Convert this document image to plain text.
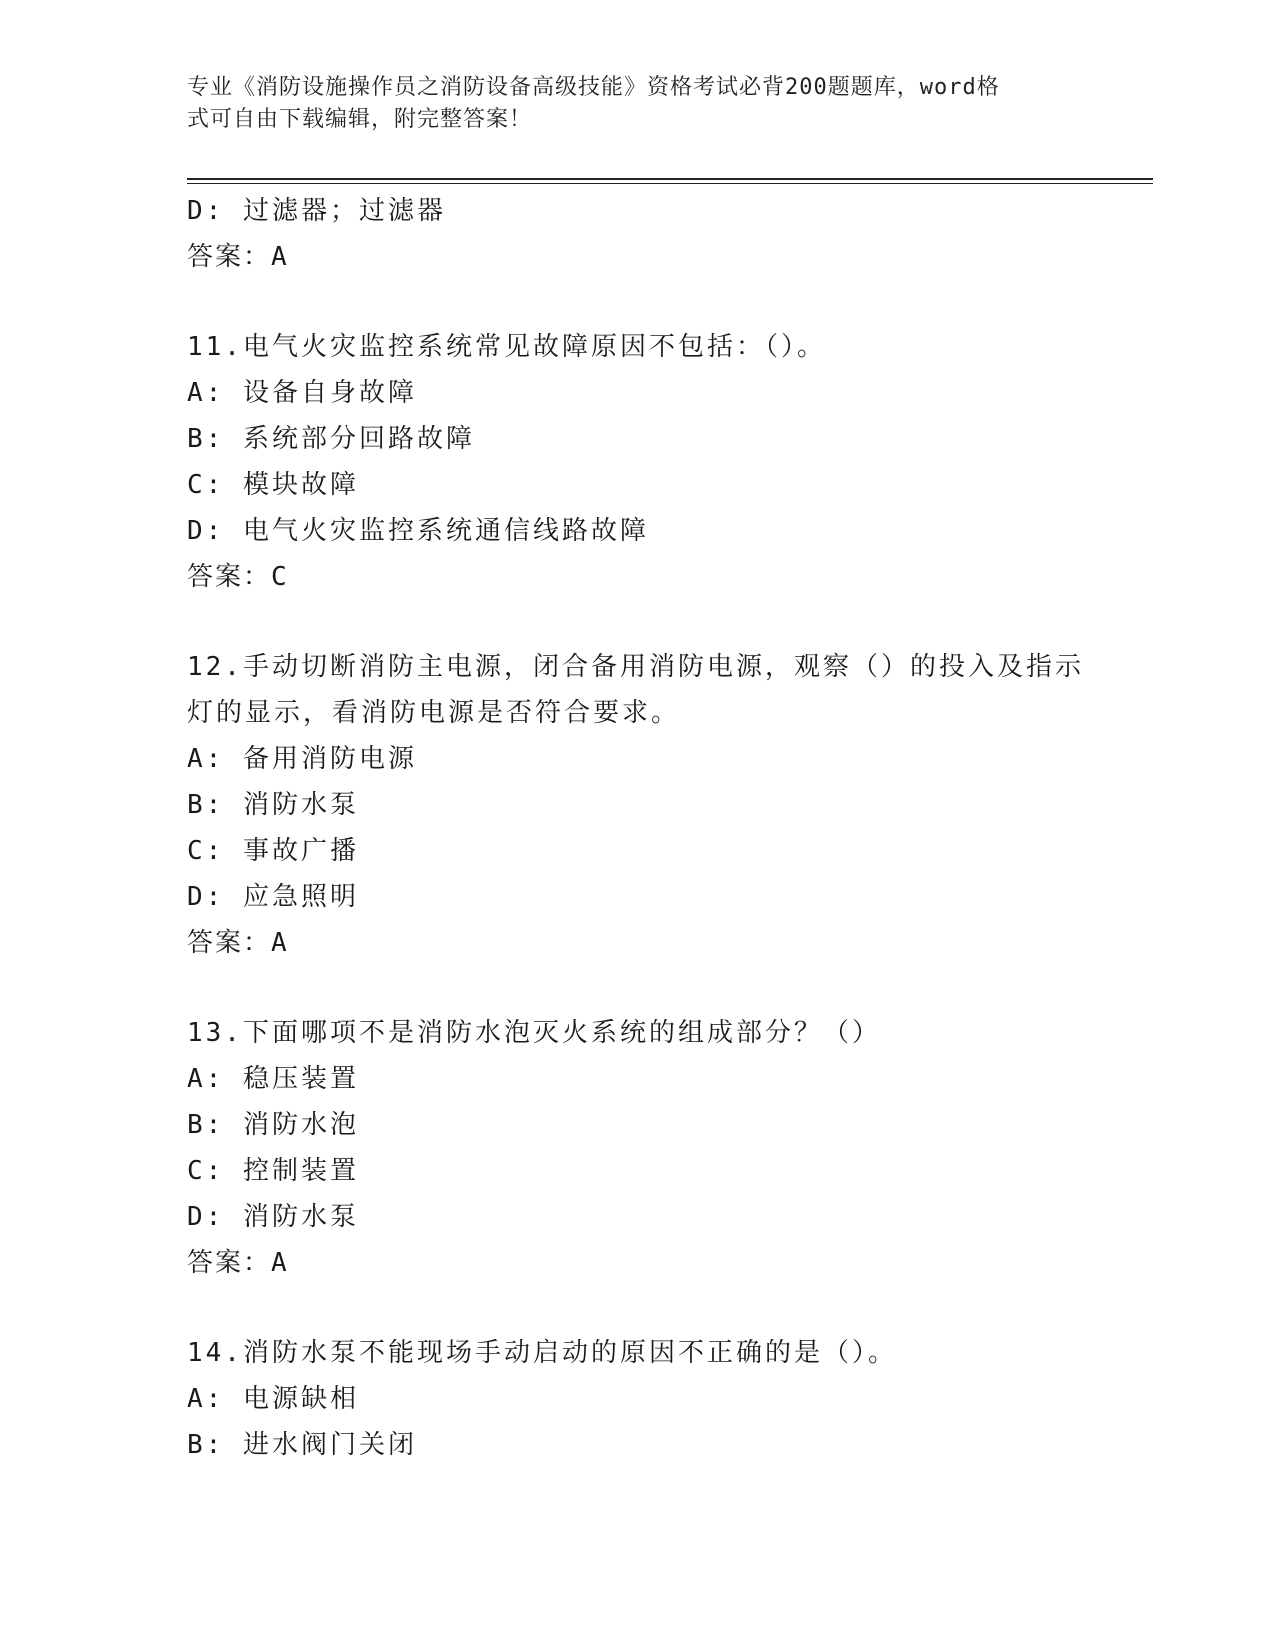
专业《消防设施操作员之消防设备高级技能》资格考试必背200题题库，word格
式可自由下载编辑，附完整答案！
D: 过滤器；过滤器
答案：A
11.电气火灾监控系统常见故障原因不包括：（）。
A: 设备自身故障
B: 系统部分回路故障
C: 模块故障
D: 电气火灾监控系统通信线路故障
答案：C
12.手动切断消防主电源，闭合备用消防电源，观察（）的投入及指示
灯的显示，看消防电源是否符合要求。
A: 备用消防电源
B: 消防水泵
C: 事故广播
D: 应急照明
答案：A
13.下面哪项不是消防水泡灭火系统的组成部分？（）
A: 稳压装置
B: 消防水泡
C: 控制装置
D: 消防水泵
答案：A
14.消防水泵不能现场手动启动的原因不正确的是（）。
A: 电源缺相
B: 进水阀门关闭
